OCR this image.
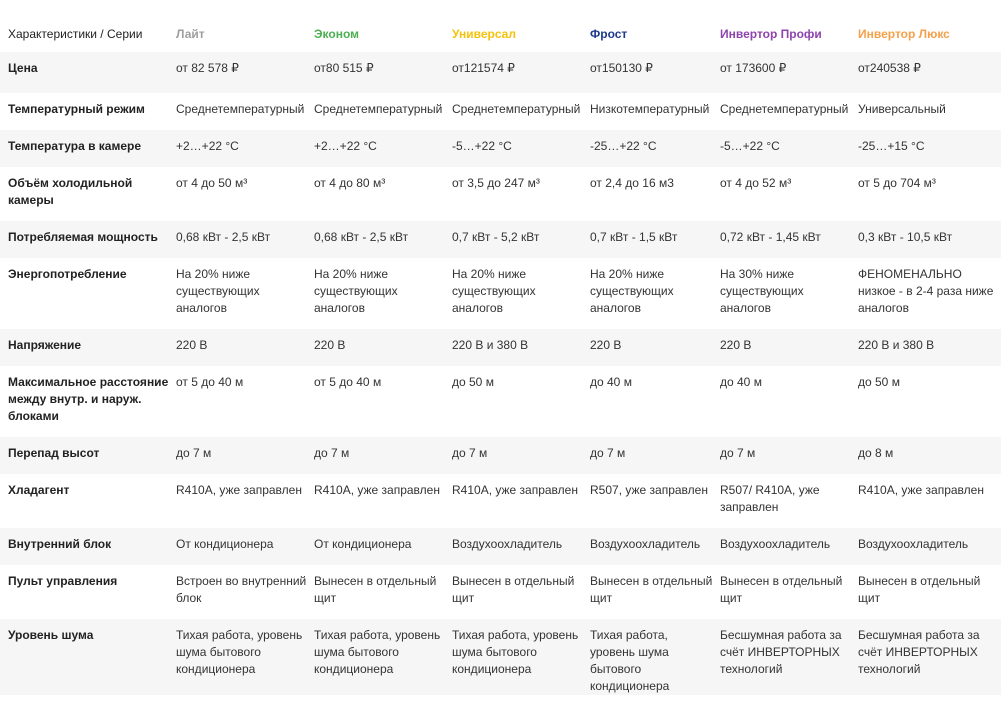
Характеристики / Серии	Лайт	Эконом	Универсал	Фрост	Инвертор Профи	Инвертор Люкс
Цена	от 82 578 ₽	от80 515 ₽	от121574 ₽	от150130 ₽	от 173600 ₽	от240538 ₽
Температурный режим	Среднетемпературный	Среднетемпературный	Среднетемпературный	Низкотемпературный	Среднетемпературный	Универсальный
Температура в камере	+2…+22 °С	+2…+22 °С	-5…+22 °С	-25…+22 °С	-5…+22 °С	-25…+15 °С
Объём холодильной камеры	от 4 до 50 м³	от 4 до 80 м³	от 3,5 до 247 м³	от 2,4 до 16 м3	от 4 до 52 м³	от 5 до 704 м³
Потребляемая мощность	0,68 кВт - 2,5 кВт	0,68 кВт - 2,5 кВт	0,7 кВт - 5,2 кВт	0,7 кВт - 1,5 кВт	0,72 кВт - 1,45 кВт	0,3 кВт - 10,5 кВт
Энергопотребление	На 20% ниже существующих аналогов	На 20% ниже существующих аналогов	На 20% ниже существующих аналогов	На 20% ниже существующих аналогов	На 30% ниже существующих аналогов	ФЕНОМЕНАЛЬНО низкое - в 2-4 раза ниже аналогов
Напряжение	220 В	220 В	220 В и 380 В	220 В	220 В	220 В и 380 В
Максимальное расстояние между внутр. и наруж. блоками	от 5 до 40 м	от 5 до 40 м	до 50 м	до 40 м	до 40 м	до 50 м
Перепад высот	до 7 м	до 7 м	до 7 м	до 7 м	до 7 м	до 8 м
Хладагент	R410A, уже заправлен	R410A, уже заправлен	R410A, уже заправлен	R507, уже заправлен	R507/ R410A, уже заправлен	R410A, уже заправлен
Внутренний блок	От кондиционера	От кондиционера	Воздухоохладитель	Воздухоохладитель	Воздухоохладитель	Воздухоохладитель
Пульт управления	Встроен во внутренний блок	Вынесен в отдельный щит	Вынесен в отдельный щит	Вынесен в отдельный щит	Вынесен в отдельный щит	Вынесен в отдельный щит
Уровень шума	Тихая работа, уровень шума бытового кондиционера	Тихая работа, уровень шума бытового кондиционера	Тихая работа, уровень шума бытового кондиционера	Тихая работа, уровень шума бытового кондиционера	Бесшумная работа за счёт ИНВЕРТОРНЫХ технологий	Бесшумная работа за счёт ИНВЕРТОРНЫХ технологий
